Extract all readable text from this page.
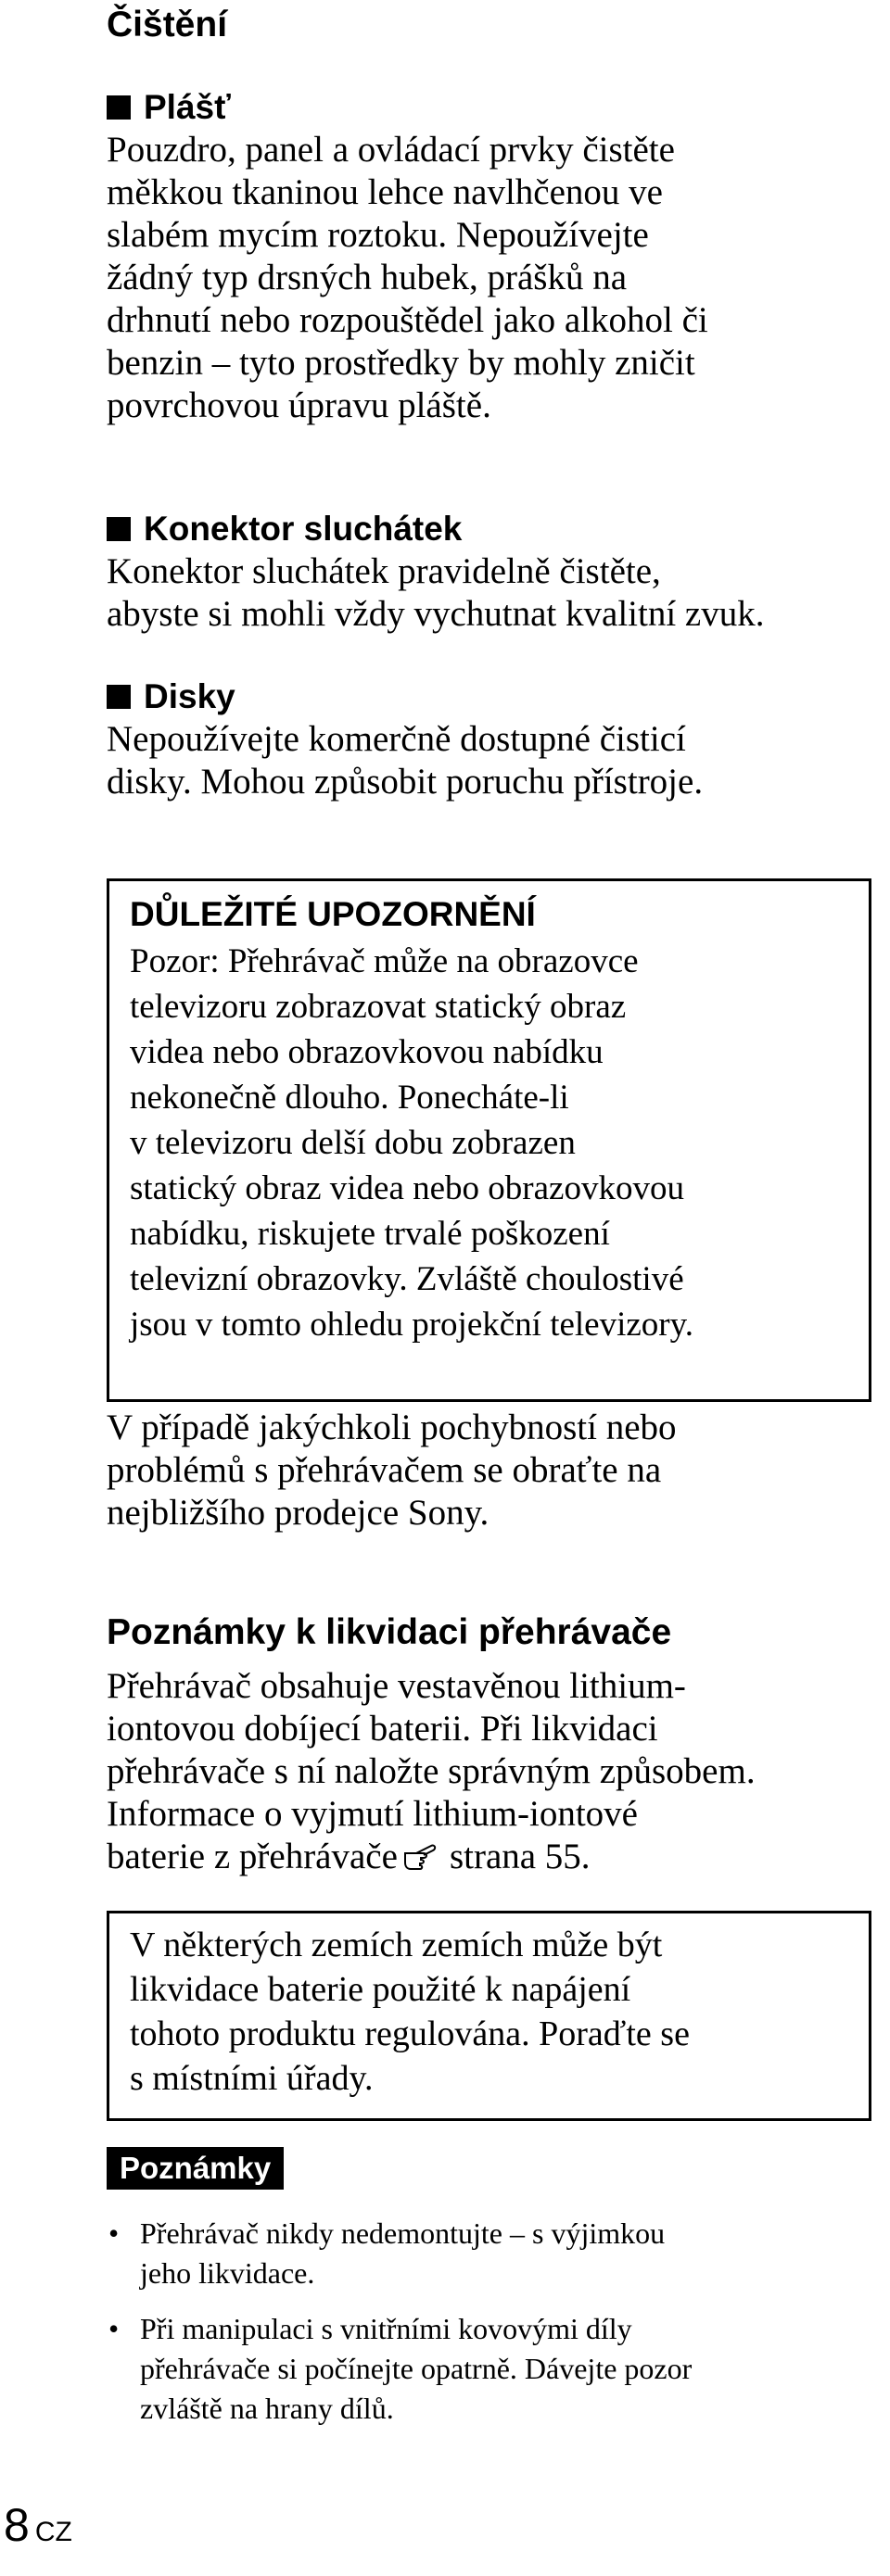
Čištění
Plášť

Pouzdro, panel a ovládací prvky čistěte
měkkou tkaninou lehce navlhčenou ve
slabém mycím roztoku. Nepoužívejte
žádný typ drsných hubek, prášků na
drhnutí nebo rozpouštědel jako alkohol či
benzin – tyto prostředky by mohly zničit
povrchovou úpravu pláště.

Konektor sluchátek

Konektor sluchátek pravidelně čistěte,
abyste si mohli vždy vychutnat kvalitní zvuk.

Disky

Nepoužívejte komerčně dostupné čisticí
disky. Mohou způsobit poruchu přístroje.

DŮLEŽITÉ UPOZORNĚNÍ

Pozor: Přehrávač může na obrazovce
televizoru zobrazovat statický obraz
videa nebo obrazovkovou nabídku
nekonečně dlouho. Ponecháte-li
v televizoru delší dobu zobrazen
statický obraz videa nebo obrazovkovou
nabídku, riskujete trvalé poškození
televizní obrazovky. Zvláště choulostivé
jsou v tomto ohledu projekční televizory.

V případě jakýchkoli pochybností nebo
problémů s přehrávačem se obraťte na
nejbližšího prodejce Sony.

Poznámky k likvidaci přehrávače

Přehrávač obsahuje vestavěnou lithium-
iontovou dobíjecí baterii. Při likvidaci
přehrávače s ní naložte správným způsobem.
Informace o vyjmutí lithium-iontové
baterie z přehrávače strana 55.

V některých zemích zemích může být
likvidace baterie použité k napájení
tohoto produktu regulována. Poraďte se
s místními úřady.

Poznámky
• Přehrávač nikdy nedemontujte – s výjimkou
jeho likvidace.
• Při manipulaci s vnitřními kovovými díly
přehrávače si počínejte opatrně. Dávejte pozor
zvláště na hrany dílů.
8 CZ
